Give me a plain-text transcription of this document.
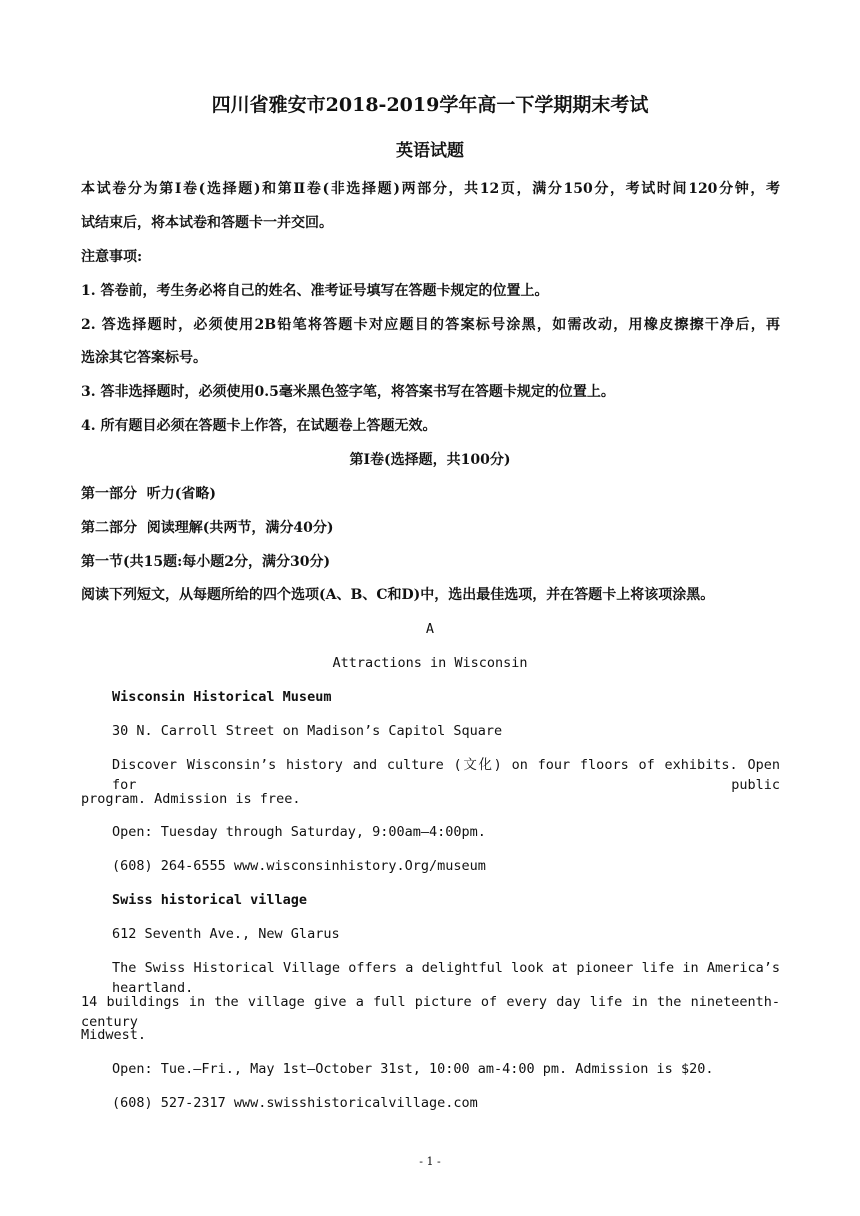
四川省雅安市2018-2019学年高一下学期期末考试
英语试题
本试卷分为第Ⅰ卷(选择题)和第Ⅱ卷(非选择题)两部分，共12页，满分150分，考试时间120分钟，考
试结束后，将本试卷和答题卡一并交回。
注意事项:
1. 答卷前，考生务必将自己的姓名、准考证号填写在答题卡规定的位置上。
2. 答选择题时，必须使用2B铅笔将答题卡对应题目的答案标号涂黑，如需改动，用橡皮擦擦干净后，再
选涂其它答案标号。
3. 答非选择题时，必须使用0.5毫米黑色签字笔，将答案书写在答题卡规定的位置上。
4. 所有题目必须在答题卡上作答，在试题卷上答题无效。
第Ⅰ卷(选择题，共100分)
第一部分  听力(省略)
第二部分  阅读理解(共两节，满分40分)
第一节(共15题:每小题2分，满分30分)
阅读下列短文，从每题所给的四个选项(A、B、C和D)中，选出最佳选项，并在答题卡上将该项涂黑。
A
Attractions in Wisconsin
Wisconsin Historical Museum
30 N. Carroll Street on Madison’s Capitol Square
Discover Wisconsin’s history and culture (文化) on four floors of exhibits. Open for public
program. Admission is free.
Open: Tuesday through Saturday, 9:00am—4:00pm.
(608) 264-6555 www.wisconsinhistory.Org/museum
Swiss historical village
612 Seventh Ave., New Glarus
The Swiss Historical Village offers a delightful look at pioneer life in America’s heartland.
14 buildings in the village give a full picture of every day life in the nineteenth-century
Midwest.
Open: Tue.—Fri., May 1st—October 31st, 10:00 am-4:00 pm. Admission is $20.
(608) 527-2317 www.swisshistoricalvillage.com
- 1 -
